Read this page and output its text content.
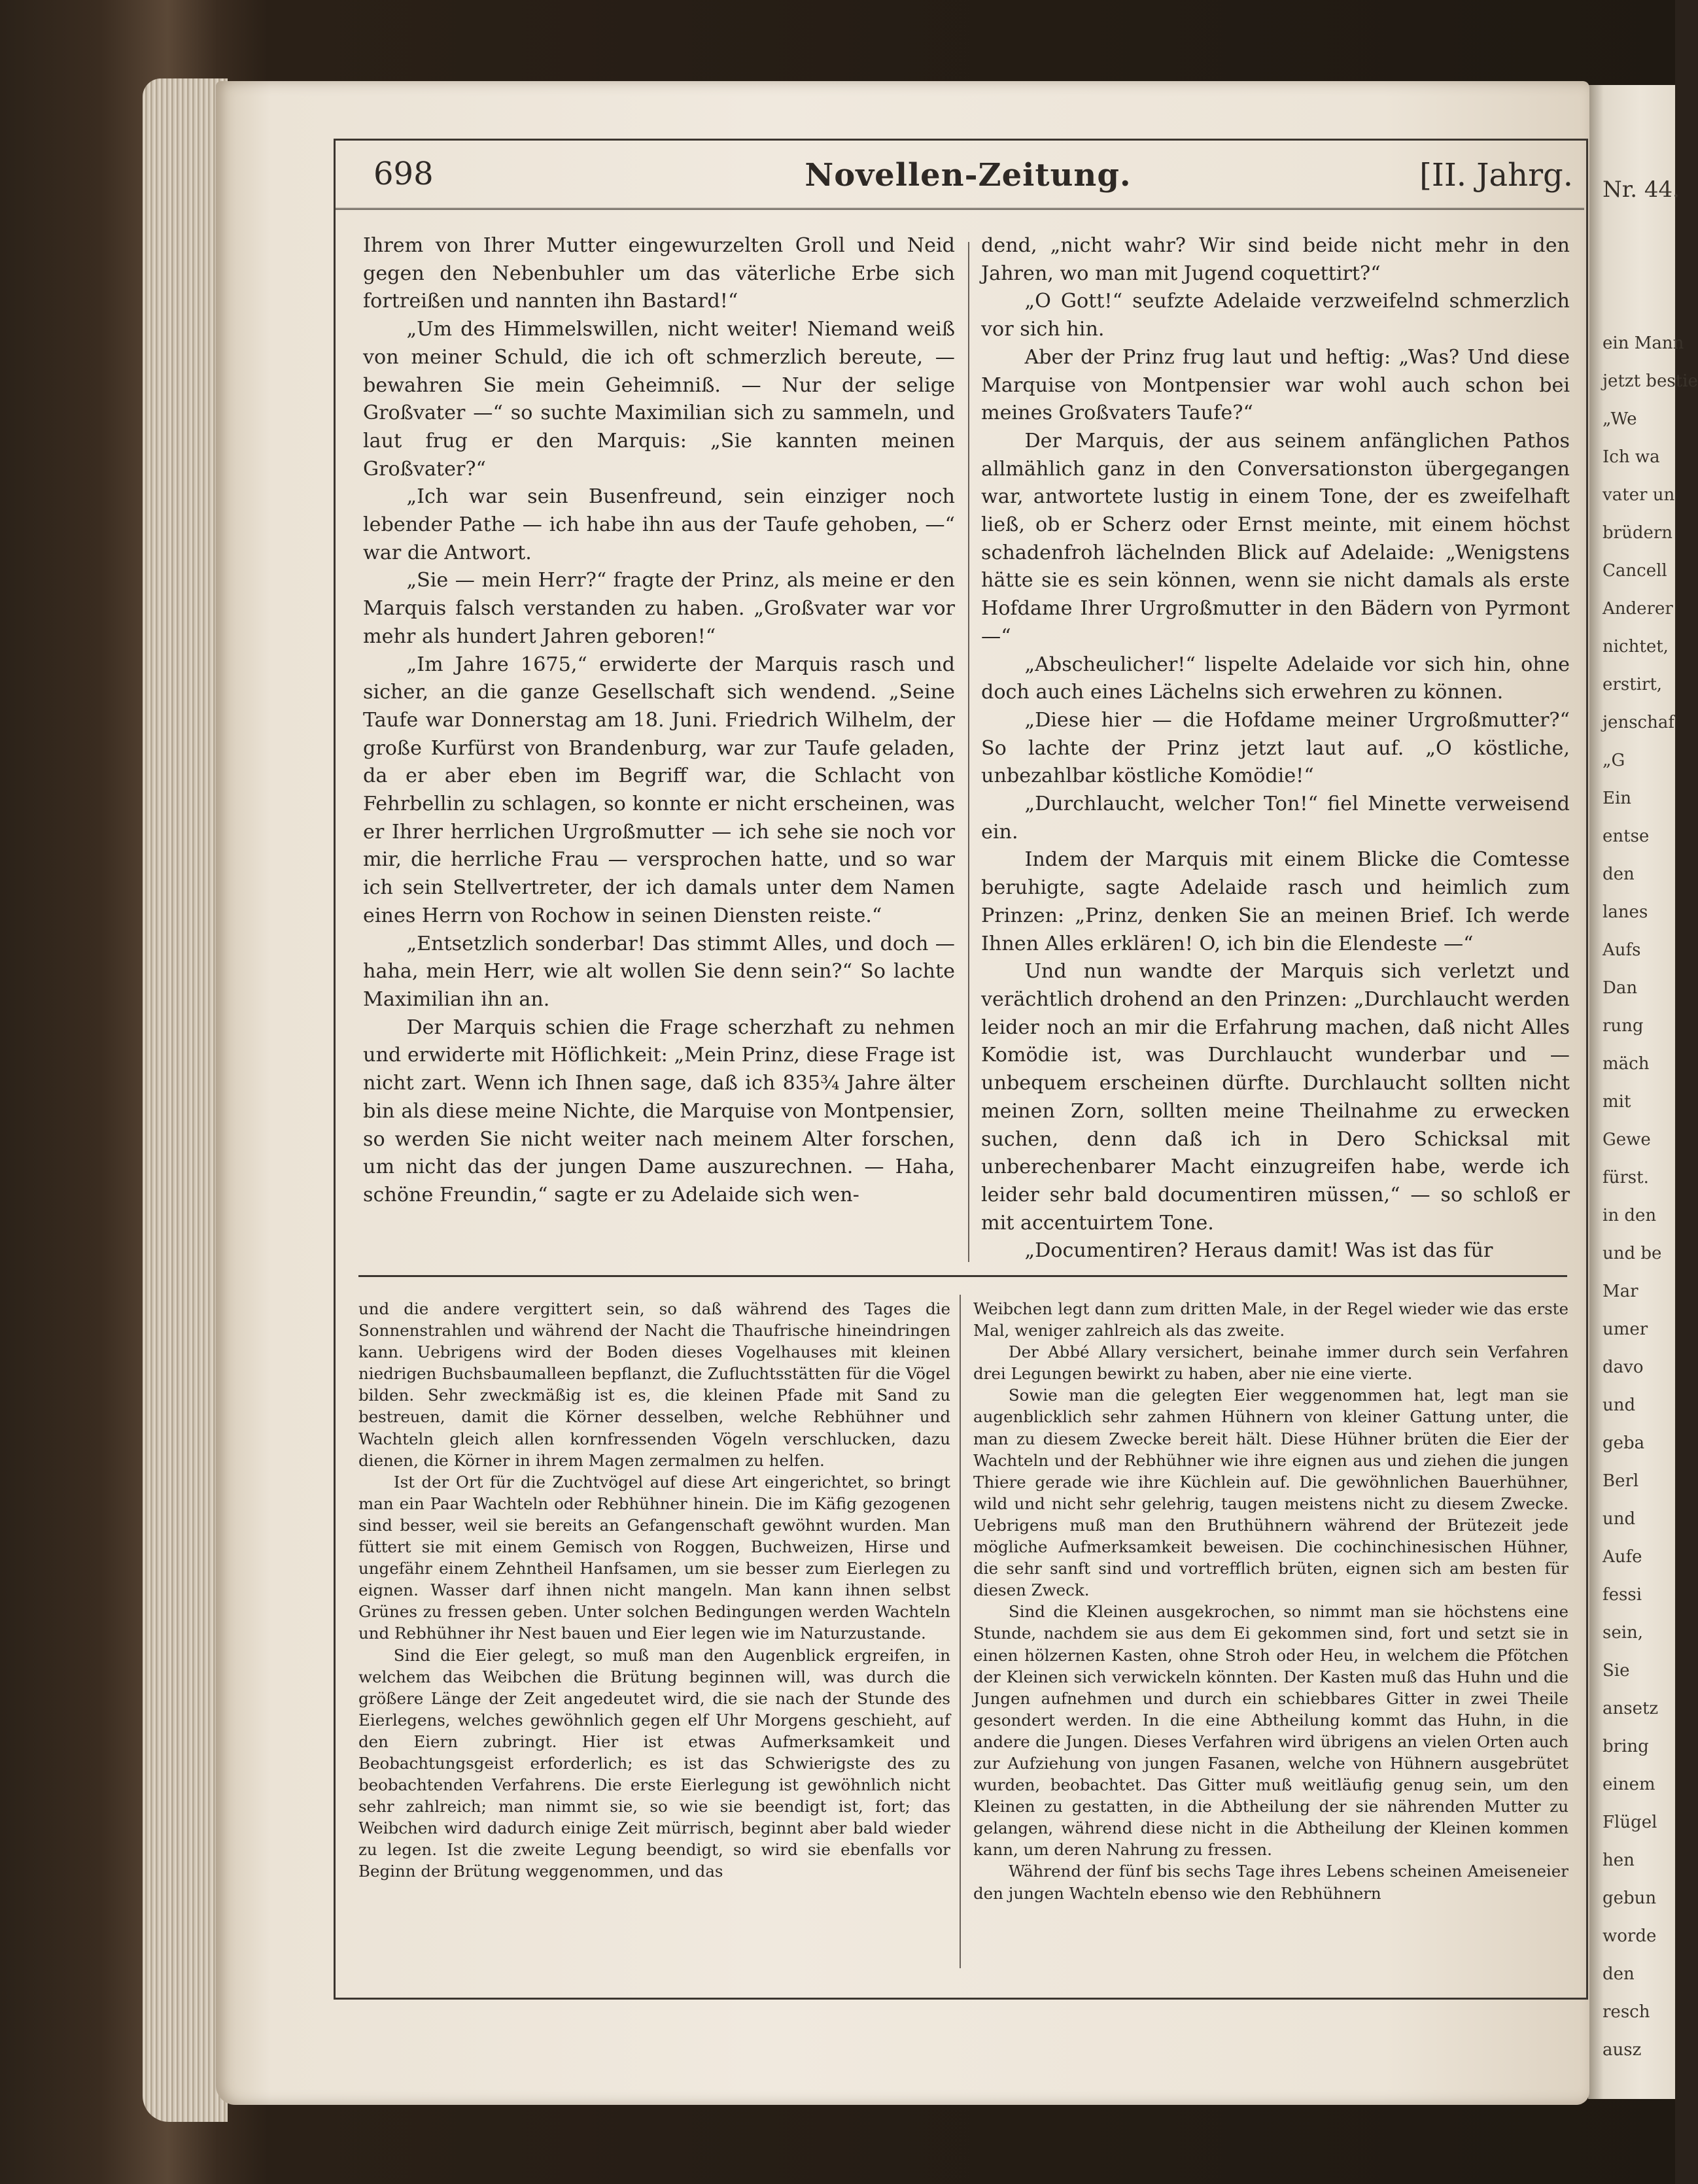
Nr. 44.
ein Mann
jetzt bestie
„We
Ich wa
vater un
brüdern
Cancell
Anderer
nichtet,
erstirt,
jenschaf
„G
Ein
entse
den
lanes
Aufs
Dan
rung
mäch
mit
Gewe
fürst.
in den
und be
Mar
umer
davo
und
geba
Berl
und
Aufe
fessi
sein,
Sie
ansetz
bring
einem
Flügel
hen
gebun
worde
den
resch
ausz
698	Novellen-Zeitung.	[II. Jahrg.

Ihrem von Ihrer Mutter eingewurzelten Groll und Neid gegen den Nebenbuhler um das väterliche Erbe sich fortreißen und nannten ihn Bastard!“

„Um des Himmelswillen, nicht weiter! Niemand weiß von meiner Schuld, die ich oft schmerzlich bereute, — bewahren Sie mein Geheimniß. — Nur der selige Großvater —“ so suchte Maximilian sich zu sammeln, und laut frug er den Marquis: „Sie kannten meinen Großvater?“

„Ich war sein Busenfreund, sein einziger noch lebender Pathe — ich habe ihn aus der Taufe gehoben, —“ war die Antwort.

„Sie — mein Herr?“ fragte der Prinz, als meine er den Marquis falsch verstanden zu haben. „Großvater war vor mehr als hundert Jahren geboren!“

„Im Jahre 1675,“ erwiderte der Marquis rasch und sicher, an die ganze Gesellschaft sich wendend. „Seine Taufe war Donnerstag am 18. Juni. Friedrich Wilhelm, der große Kurfürst von Brandenburg, war zur Taufe geladen, da er aber eben im Begriff war, die Schlacht von Fehrbellin zu schlagen, so konnte er nicht erscheinen, was er Ihrer herrlichen Urgroßmutter — ich sehe sie noch vor mir, die herrliche Frau — versprochen hatte, und so war ich sein Stellvertreter, der ich damals unter dem Namen eines Herrn von Rochow in seinen Diensten reiste.“

„Entsetzlich sonderbar! Das stimmt Alles, und doch — haha, mein Herr, wie alt wollen Sie denn sein?“ So lachte Maximilian ihn an.

Der Marquis schien die Frage scherzhaft zu nehmen und erwiderte mit Höflichkeit: „Mein Prinz, diese Frage ist nicht zart. Wenn ich Ihnen sage, daß ich 835¾ Jahre älter bin als diese meine Nichte, die Marquise von Montpensier, so werden Sie nicht weiter nach meinem Alter forschen, um nicht das der jungen Dame auszurechnen. — Haha, schöne Freundin,“ sagte er zu Adelaide sich wen-

dend, „nicht wahr? Wir sind beide nicht mehr in den Jahren, wo man mit Jugend coquettirt?“

„O Gott!“ seufzte Adelaide verzweifelnd schmerzlich vor sich hin.

Aber der Prinz frug laut und heftig: „Was? Und diese Marquise von Montpensier war wohl auch schon bei meines Großvaters Taufe?“

Der Marquis, der aus seinem anfänglichen Pathos allmählich ganz in den Conversationston übergegangen war, antwortete lustig in einem Tone, der es zweifelhaft ließ, ob er Scherz oder Ernst meinte, mit einem höchst schadenfroh lächelnden Blick auf Adelaide: „Wenigstens hätte sie es sein können, wenn sie nicht damals als erste Hofdame Ihrer Urgroßmutter in den Bädern von Pyrmont —“

„Abscheulicher!“ lispelte Adelaide vor sich hin, ohne doch auch eines Lächelns sich erwehren zu können.

„Diese hier — die Hofdame meiner Urgroßmutter?“ So lachte der Prinz jetzt laut auf. „O köstliche, unbezahlbar köstliche Komödie!“

„Durchlaucht, welcher Ton!“ fiel Minette verweisend ein.

Indem der Marquis mit einem Blicke die Comtesse beruhigte, sagte Adelaide rasch und heimlich zum Prinzen: „Prinz, denken Sie an meinen Brief. Ich werde Ihnen Alles erklären! O, ich bin die Elendeste —“

Und nun wandte der Marquis sich verletzt und verächtlich drohend an den Prinzen: „Durchlaucht werden leider noch an mir die Erfahrung machen, daß nicht Alles Komödie ist, was Durchlaucht wunderbar und — unbequem erscheinen dürfte. Durchlaucht sollten nicht meinen Zorn, sollten meine Theilnahme zu erwecken suchen, denn daß ich in Dero Schicksal mit unberechenbarer Macht einzugreifen habe, werde ich leider sehr bald documentiren müssen,“ — so schloß er mit accentuirtem Tone.

„Documentiren? Heraus damit! Was ist das für

und die andere vergittert sein, so daß während des Tages die Sonnenstrahlen und während der Nacht die Thaufrische hineindringen kann. Uebrigens wird der Boden dieses Vogelhauses mit kleinen niedrigen Buchsbaumalleen bepflanzt, die Zufluchtsstätten für die Vögel bilden. Sehr zweckmäßig ist es, die kleinen Pfade mit Sand zu bestreuen, damit die Körner desselben, welche Rebhühner und Wachteln gleich allen kornfressenden Vögeln verschlucken, dazu dienen, die Körner in ihrem Magen zermalmen zu helfen.

Ist der Ort für die Zuchtvögel auf diese Art eingerichtet, so bringt man ein Paar Wachteln oder Rebhühner hinein. Die im Käfig gezogenen sind besser, weil sie bereits an Gefangenschaft gewöhnt wurden. Man füttert sie mit einem Gemisch von Roggen, Buchweizen, Hirse und ungefähr einem Zehntheil Hanfsamen, um sie besser zum Eierlegen zu eignen. Wasser darf ihnen nicht mangeln. Man kann ihnen selbst Grünes zu fressen geben. Unter solchen Bedingungen werden Wachteln und Rebhühner ihr Nest bauen und Eier legen wie im Naturzustande.

Sind die Eier gelegt, so muß man den Augenblick ergreifen, in welchem das Weibchen die Brütung beginnen will, was durch die größere Länge der Zeit angedeutet wird, die sie nach der Stunde des Eierlegens, welches gewöhnlich gegen elf Uhr Morgens geschieht, auf den Eiern zubringt. Hier ist etwas Aufmerksamkeit und Beobachtungsgeist erforderlich; es ist das Schwierigste des zu beobachtenden Verfahrens. Die erste Eierlegung ist gewöhnlich nicht sehr zahlreich; man nimmt sie, so wie sie beendigt ist, fort; das Weibchen wird dadurch einige Zeit mürrisch, beginnt aber bald wieder zu legen. Ist die zweite Legung beendigt, so wird sie ebenfalls vor Beginn der Brütung weggenommen, und das

Weibchen legt dann zum dritten Male, in der Regel wieder wie das erste Mal, weniger zahlreich als das zweite.

Der Abbé Allary versichert, beinahe immer durch sein Verfahren drei Legungen bewirkt zu haben, aber nie eine vierte.

Sowie man die gelegten Eier weggenommen hat, legt man sie augenblicklich sehr zahmen Hühnern von kleiner Gattung unter, die man zu diesem Zwecke bereit hält. Diese Hühner brüten die Eier der Wachteln und der Rebhühner wie ihre eignen aus und ziehen die jungen Thiere gerade wie ihre Küchlein auf. Die gewöhnlichen Bauerhühner, wild und nicht sehr gelehrig, taugen meistens nicht zu diesem Zwecke. Uebrigens muß man den Bruthühnern während der Brütezeit jede mögliche Aufmerksamkeit beweisen. Die cochinchinesischen Hühner, die sehr sanft sind und vortrefflich brüten, eignen sich am besten für diesen Zweck.

Sind die Kleinen ausgekrochen, so nimmt man sie höchstens eine Stunde, nachdem sie aus dem Ei gekommen sind, fort und setzt sie in einen hölzernen Kasten, ohne Stroh oder Heu, in welchem die Pfötchen der Kleinen sich verwickeln könnten. Der Kasten muß das Huhn und die Jungen aufnehmen und durch ein schiebbares Gitter in zwei Theile gesondert werden. In die eine Abtheilung kommt das Huhn, in die andere die Jungen. Dieses Verfahren wird übrigens an vielen Orten auch zur Aufziehung von jungen Fasanen, welche von Hühnern ausgebrütet wurden, beobachtet. Das Gitter muß weitläufig genug sein, um den Kleinen zu gestatten, in die Abtheilung der sie nährenden Mutter zu gelangen, während diese nicht in die Abtheilung der Kleinen kommen kann, um deren Nahrung zu fressen.

Während der fünf bis sechs Tage ihres Lebens scheinen Ameiseneier den jungen Wachteln ebenso wie den Rebhühnern
